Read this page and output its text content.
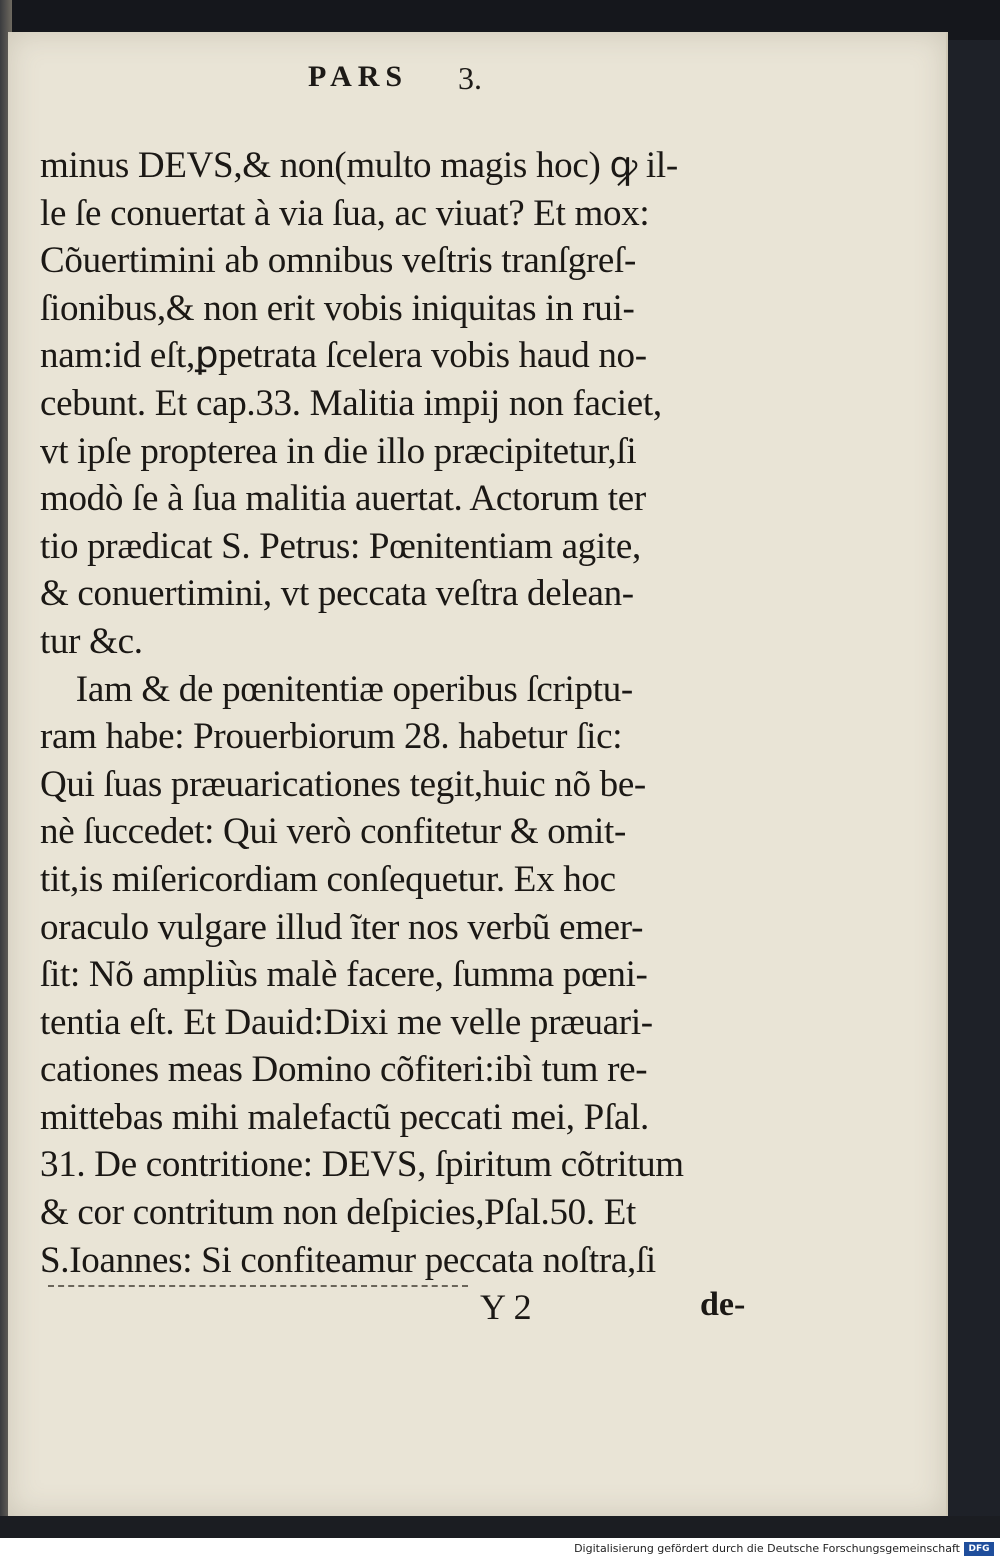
PARS 3.
minus DEVS,& non(multo magis hoc) ꝙ il-
le ſe conuertat à via ſua, ac viuat? Et mox:
Cõuertimini ab omnibus veſtris tranſgreſ-
ſionibus,& non erit vobis iniquitas in rui-
nam:id eſt,ꝑpetrata ſcelera vobis haud no-
cebunt. Et cap.33. Malitia impij non faciet,
vt ipſe propterea in die illo præcipitetur,ſi
modò ſe à ſua malitia auertat. Actorum ter
tio prædicat S. Petrus: Pœnitentiam agite,
& conuertimini, vt peccata veſtra delean-
tur &c.
Iam & de pœnitentiæ operibus ſcriptu-
ram habe: Prouerbiorum 28. habetur ſic:
Qui ſuas præuaricationes tegit,huic nõ be-
nè ſuccedet: Qui verò confitetur & omit-
tit,is miſericordiam conſequetur. Ex hoc
oraculo vulgare illud ĩter nos verbũ emer-
ſit: Nõ ampliùs malè facere, ſumma pœni-
tentia eſt. Et Dauid:Dixi me velle præuari-
cationes meas Domino cõfiteri:ibì tum re-
mittebas mihi malefactũ peccati mei, Pſal.
31. De contritione: DEVS, ſpiritum cõtritum
& cor contritum non deſpicies,Pſal.50. Et
S.Ioannes: Si confiteamur peccata noſtra,ſi
Y 2	de-
Digitalisierung gefördert durch die Deutsche Forschungsgemeinschaft DFG
